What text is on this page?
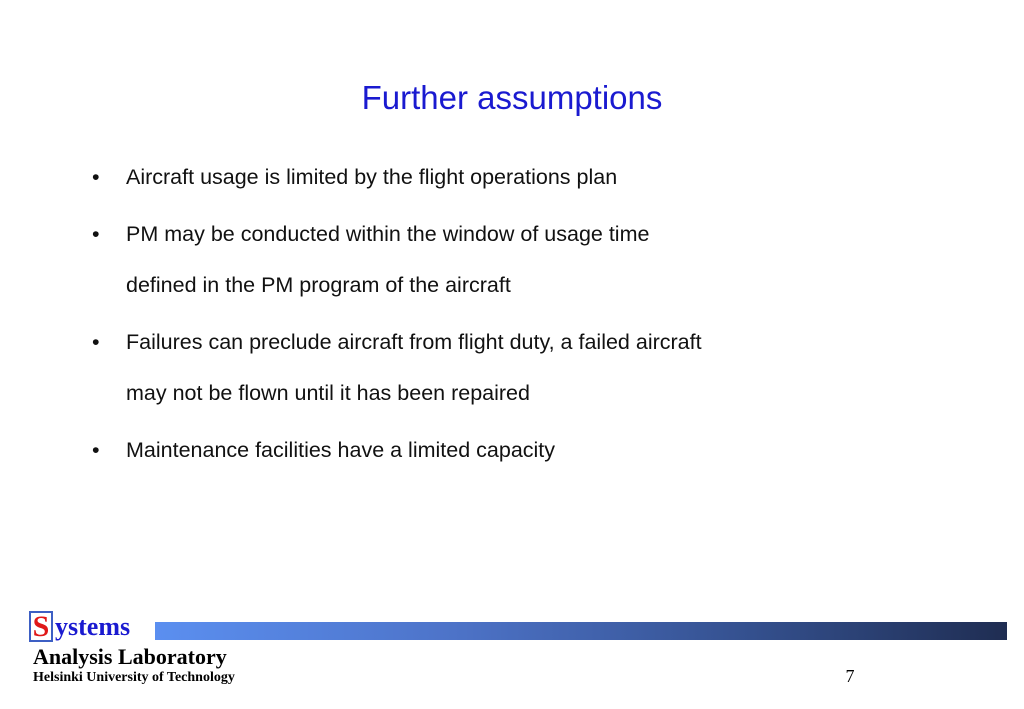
Further assumptions
•	Aircraft usage is limited by the flight operations plan
•	PM may be conducted within the window of usage time
defined in the PM program of the aircraft
•	Failures can preclude aircraft from flight duty, a failed aircraft
may not be flown until it has been repaired
•	Maintenance facilities have a limited capacity
S ystems
Analysis Laboratory
Helsinki University of Technology	7
